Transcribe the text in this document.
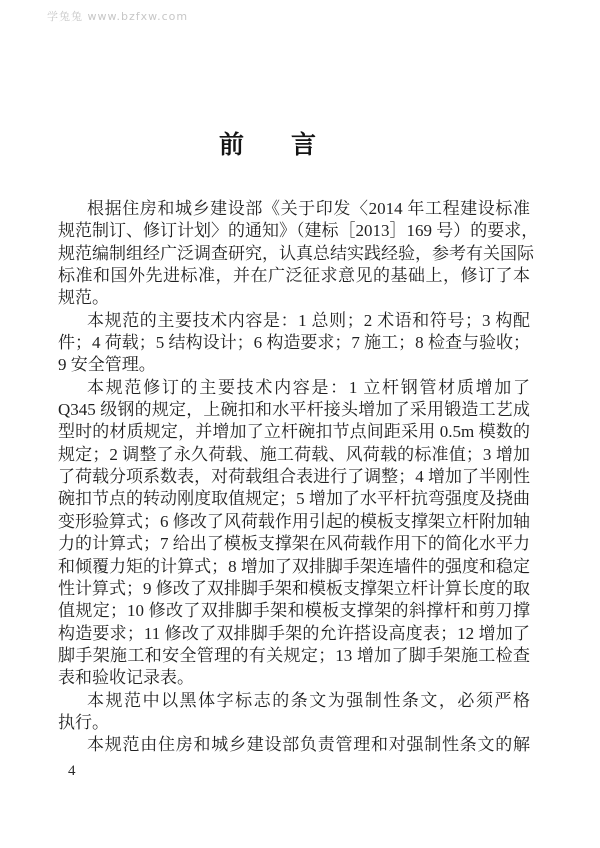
学兔兔 www.bzfxw.com
前 言
根据住房和城乡建设部《关于印发〈2014 年工程建设标准
规范制订、修订计划〉的通知》（建标［2013］169 号）的要求，
规范编制组经广泛调查研究，认真总结实践经验，参考有关国际
标准和国外先进标准，并在广泛征求意见的基础上，修订了本
规范。
本规范的主要技术内容是：1 总则；2 术语和符号；3 构配
件；4 荷载；5 结构设计；6 构造要求；7 施工；8 检查与验收；
9 安全管理。
本规范修订的主要技术内容是：1 立杆钢管材质增加了
Q345 级钢的规定，上碗扣和水平杆接头增加了采用锻造工艺成
型时的材质规定，并增加了立杆碗扣节点间距采用 0.5m 模数的
规定；2 调整了永久荷载、施工荷载、风荷载的标准值；3 增加
了荷载分项系数表，对荷载组合表进行了调整；4 增加了半刚性
碗扣节点的转动刚度取值规定；5 增加了水平杆抗弯强度及挠曲
变形验算式；6 修改了风荷载作用引起的模板支撑架立杆附加轴
力的计算式；7 给出了模板支撑架在风荷载作用下的简化水平力
和倾覆力矩的计算式；8 增加了双排脚手架连墙件的强度和稳定
性计算式；9 修改了双排脚手架和模板支撑架立杆计算长度的取
值规定；10 修改了双排脚手架和模板支撑架的斜撑杆和剪刀撑
构造要求；11 修改了双排脚手架的允许搭设高度表；12 增加了
脚手架施工和安全管理的有关规定；13 增加了脚手架施工检查
表和验收记录表。
本规范中以黑体字标志的条文为强制性条文，必须严格
执行。
本规范由住房和城乡建设部负责管理和对强制性条文的解
4
